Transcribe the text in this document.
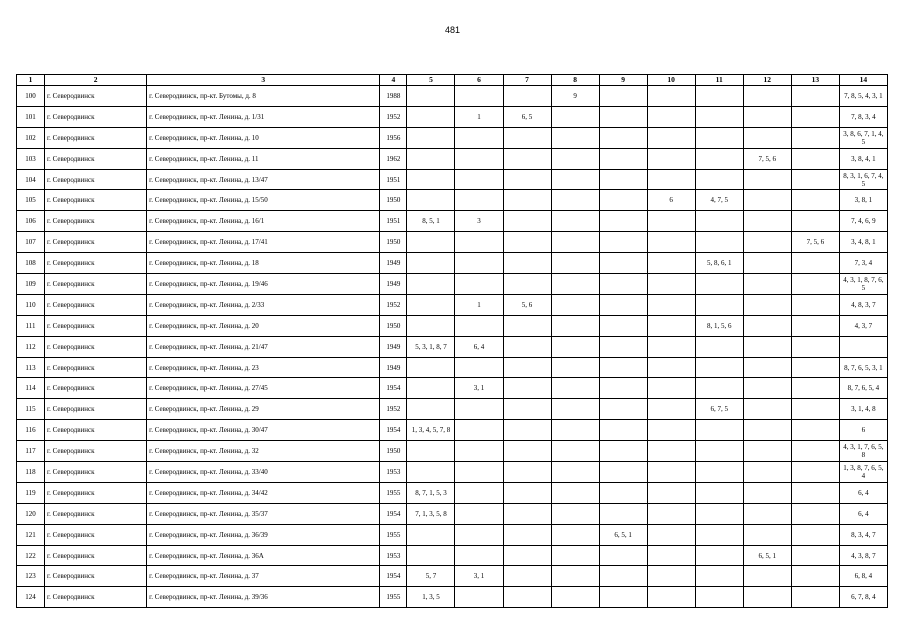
481
1	2	3	4	5	6	7	8	9	10	11	12	13	14
100	г. Северодвинск	г. Северодвинск, пр-кт. Бутомы, д. 8	1988				9						7, 8, 5, 4, 3, 1
101	г. Северодвинск	г. Северодвинск, пр-кт. Ленина, д. 1/31	1952		1	6, 5							7, 8, 3, 4
102	г. Северодвинск	г. Северодвинск, пр-кт. Ленина, д. 10	1956										3, 8, 6, 7, 1, 4, 5
103	г. Северодвинск	г. Северодвинск, пр-кт. Ленина, д. 11	1962								7, 5, 6		3, 8, 4, 1
104	г. Северодвинск	г. Северодвинск, пр-кт. Ленина, д. 13/47	1951										8, 3, 1, 6, 7, 4, 5
105	г. Северодвинск	г. Северодвинск, пр-кт. Ленина, д. 15/50	1950						6	4, 7, 5			3, 8, 1
106	г. Северодвинск	г. Северодвинск, пр-кт. Ленина, д. 16/1	1951	8, 5, 1	3								7, 4, 6, 9
107	г. Северодвинск	г. Северодвинск, пр-кт. Ленина, д. 17/41	1950									7, 5, 6	3, 4, 8, 1
108	г. Северодвинск	г. Северодвинск, пр-кт. Ленина, д. 18	1949							5, 8, 6, 1			7, 3, 4
109	г. Северодвинск	г. Северодвинск, пр-кт. Ленина, д. 19/46	1949										4, 3, 1, 8, 7, 6, 5
110	г. Северодвинск	г. Северодвинск, пр-кт. Ленина, д. 2/33	1952		1	5, 6							4, 8, 3, 7
111	г. Северодвинск	г. Северодвинск, пр-кт. Ленина, д. 20	1950							8, 1, 5, 6			4, 3, 7
112	г. Северодвинск	г. Северодвинск, пр-кт. Ленина, д. 21/47	1949	5, 3, 1, 8, 7	6, 4								
113	г. Северодвинск	г. Северодвинск, пр-кт. Ленина, д. 23	1949										8, 7, 6, 5, 3, 1
114	г. Северодвинск	г. Северодвинск, пр-кт. Ленина, д. 27/45	1954		3, 1								8, 7, 6, 5, 4
115	г. Северодвинск	г. Северодвинск, пр-кт. Ленина, д. 29	1952							6, 7, 5			3, 1, 4, 8
116	г. Северодвинск	г. Северодвинск, пр-кт. Ленина, д. 30/47	1954	1, 3, 4, 5, 7, 8									6
117	г. Северодвинск	г. Северодвинск, пр-кт. Ленина, д. 32	1950										4, 3, 1, 7, 6, 5, 8
118	г. Северодвинск	г. Северодвинск, пр-кт. Ленина, д. 33/40	1953										1, 3, 8, 7, 6, 5, 4
119	г. Северодвинск	г. Северодвинск, пр-кт. Ленина, д. 34/42	1955	8, 7, 1, 5, 3									6, 4
120	г. Северодвинск	г. Северодвинск, пр-кт. Ленина, д. 35/37	1954	7, 1, 3, 5, 8									6, 4
121	г. Северодвинск	г. Северодвинск, пр-кт. Ленина, д. 36/39	1955					6, 5, 1					8, 3, 4, 7
122	г. Северодвинск	г. Северодвинск, пр-кт. Ленина, д. 36А	1953								6, 5, 1		4, 3, 8, 7
123	г. Северодвинск	г. Северодвинск, пр-кт. Ленина, д. 37	1954	5, 7	3, 1								6, 8, 4
124	г. Северодвинск	г. Северодвинск, пр-кт. Ленина, д. 39/36	1955	1, 3, 5									6, 7, 8, 4
